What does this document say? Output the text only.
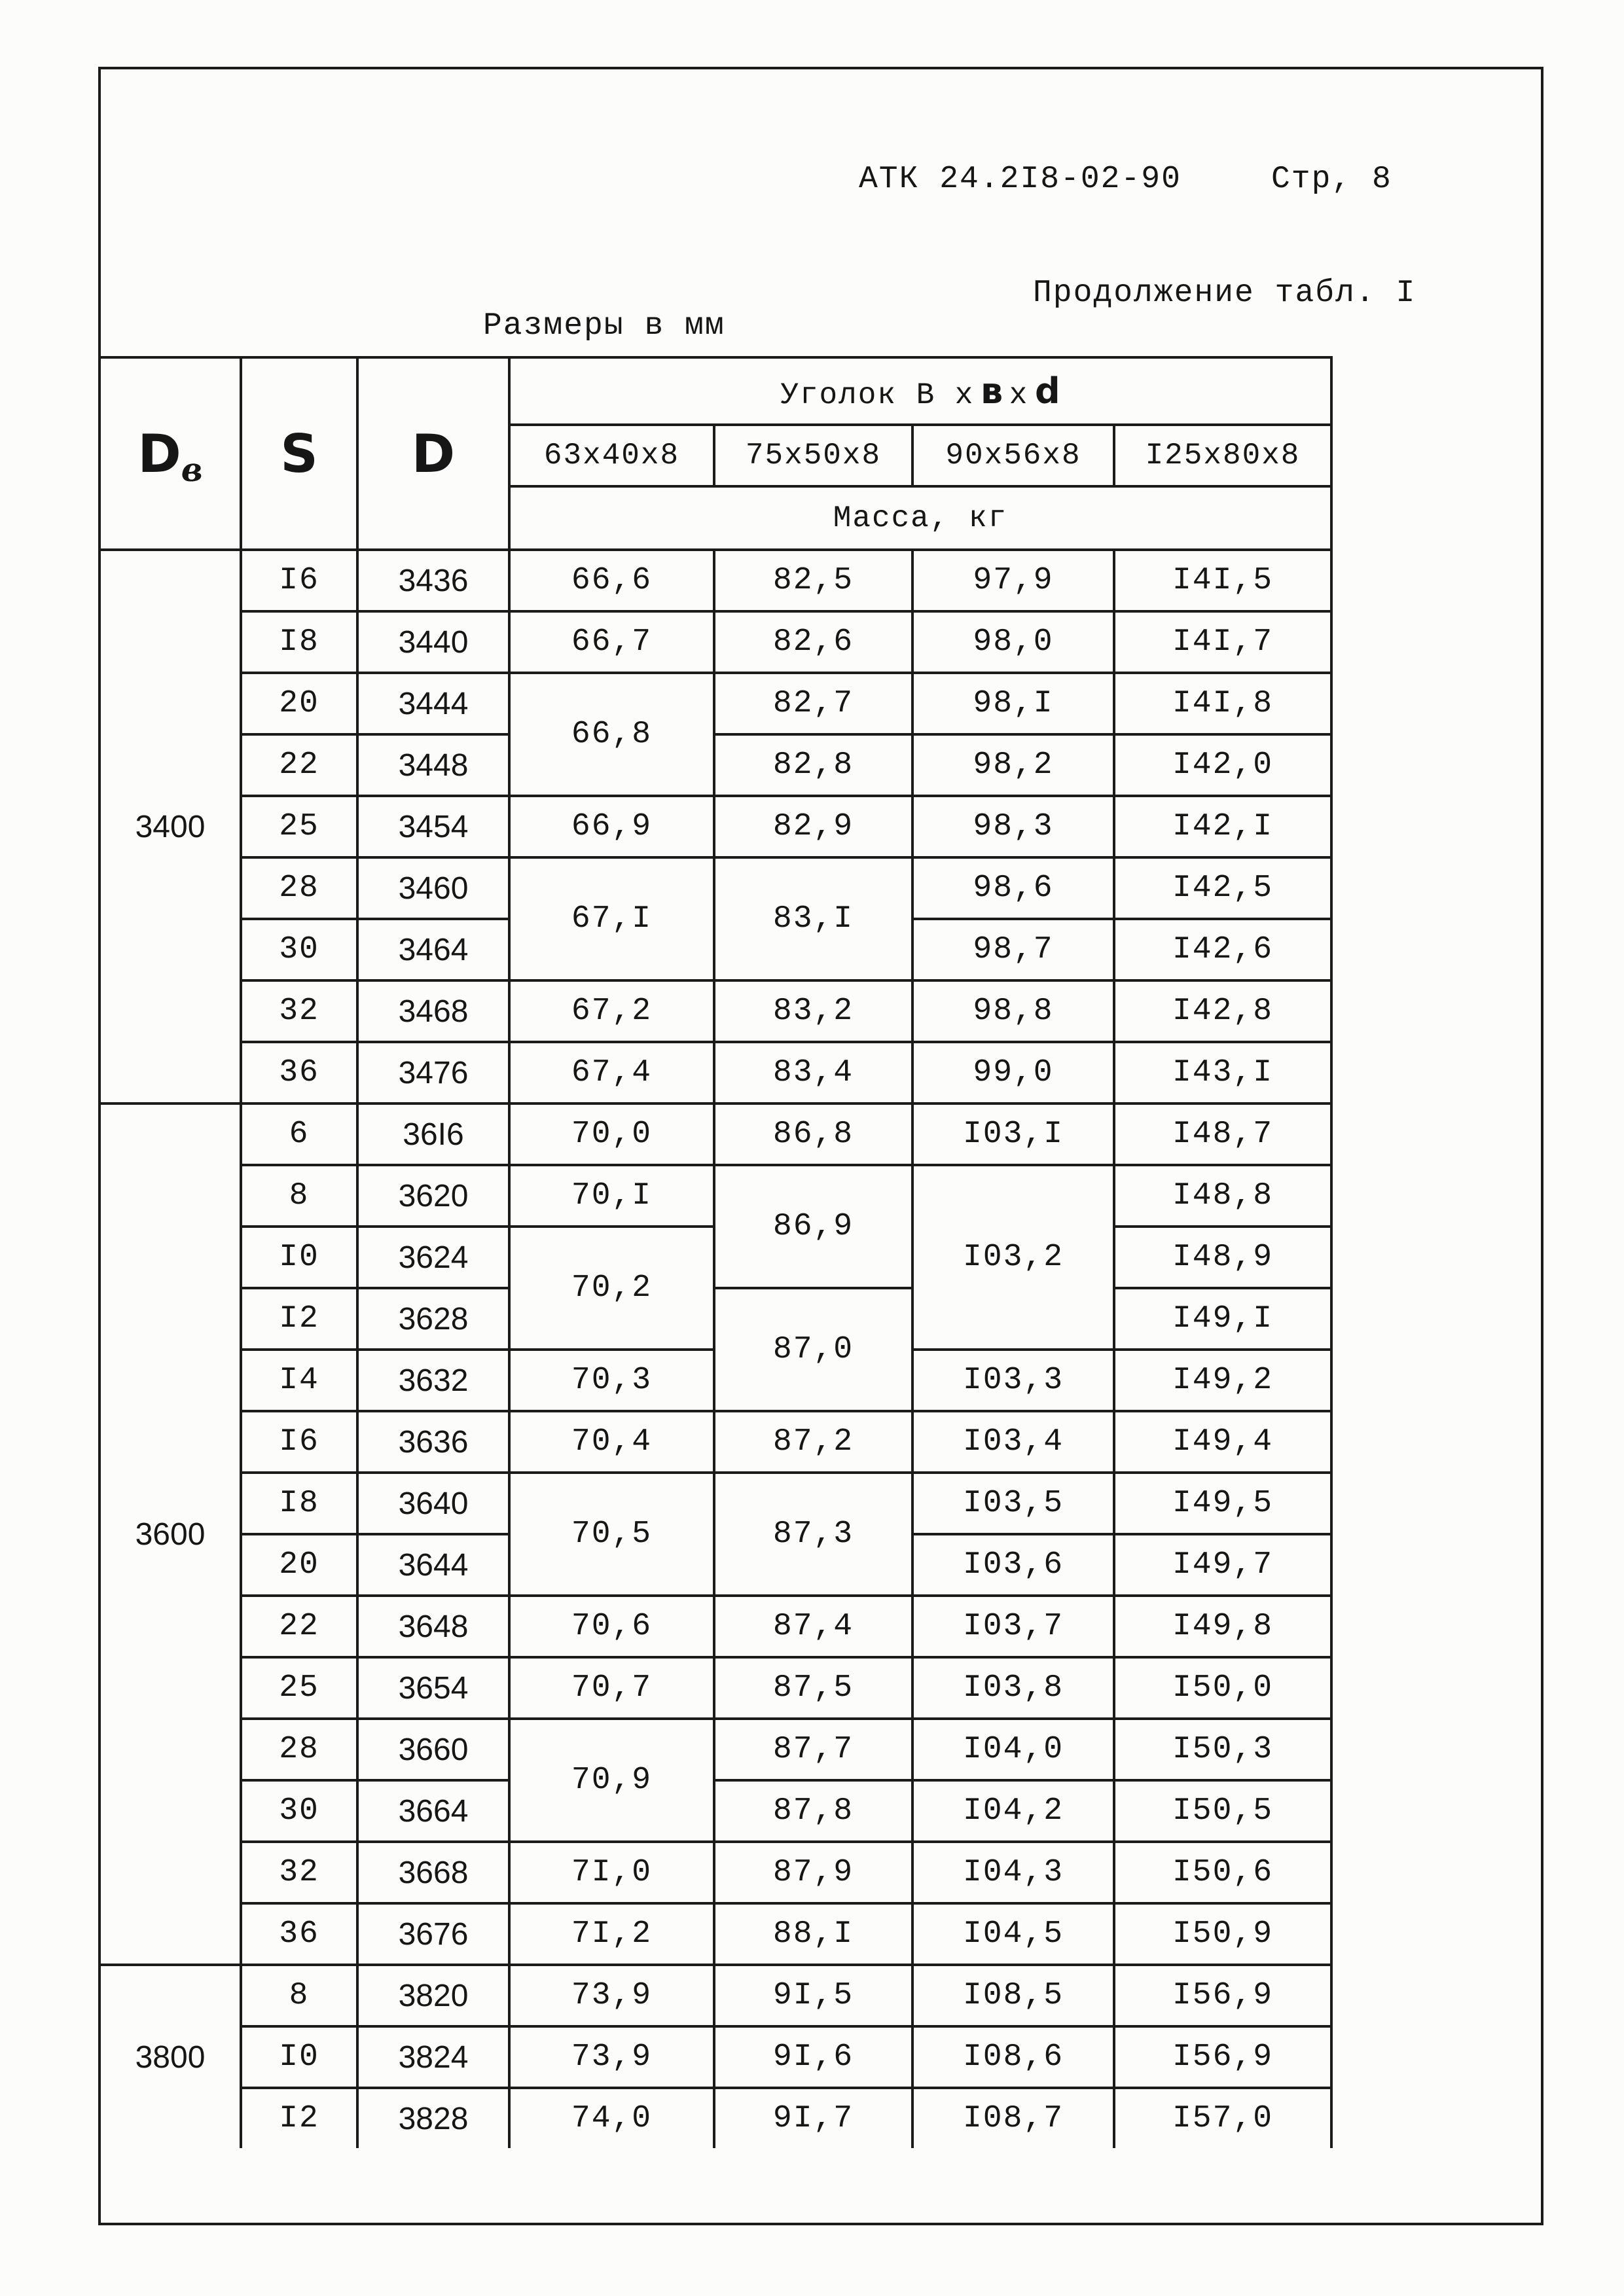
АТК 24.2I8-02-90	Стр, 8
Продолжение табл. I
Размеры в мм
Dв	S	D	Уголок В х в х d			
			63x40x8	75x50x8	90x56x8	I25x80x8
			Масса, кг			
3400	I6	3436	66,6	82,5	97,9	I4I,5
	I8	3440	66,7	82,6	98,0	I4I,7
	20	3444	66,8	82,7	98,I	I4I,8
	22	3448		82,8	98,2	I42,0
	25	3454	66,9	82,9	98,3	I42,I
	28	3460	67,I	83,I	98,6	I42,5
	30	3464			98,7	I42,6
	32	3468	67,2	83,2	98,8	I42,8
	36	3476	67,4	83,4	99,0	I43,I
3600	6	36I6	70,0	86,8	I03,I	I48,7
	8	3620	70,I	86,9	I03,2	I48,8
	I0	3624	70,2			I48,9
	I2	3628		87,0		I49,I
	I4	3632	70,3		I03,3	I49,2
	I6	3636	70,4	87,2	I03,4	I49,4
	I8	3640	70,5	87,3	I03,5	I49,5
	20	3644			I03,6	I49,7
	22	3648	70,6	87,4	I03,7	I49,8
	25	3654	70,7	87,5	I03,8	I50,0
	28	3660	70,9	87,7	I04,0	I50,3
	30	3664		87,8	I04,2	I50,5
	32	3668	7I,0	87,9	I04,3	I50,6
	36	3676	7I,2	88,I	I04,5	I50,9
3800	8	3820	73,9	9I,5	I08,5	I56,9
	I0	3824	73,9	9I,6	I08,6	I56,9
	I2	3828	74,0	9I,7	I08,7	I57,0
